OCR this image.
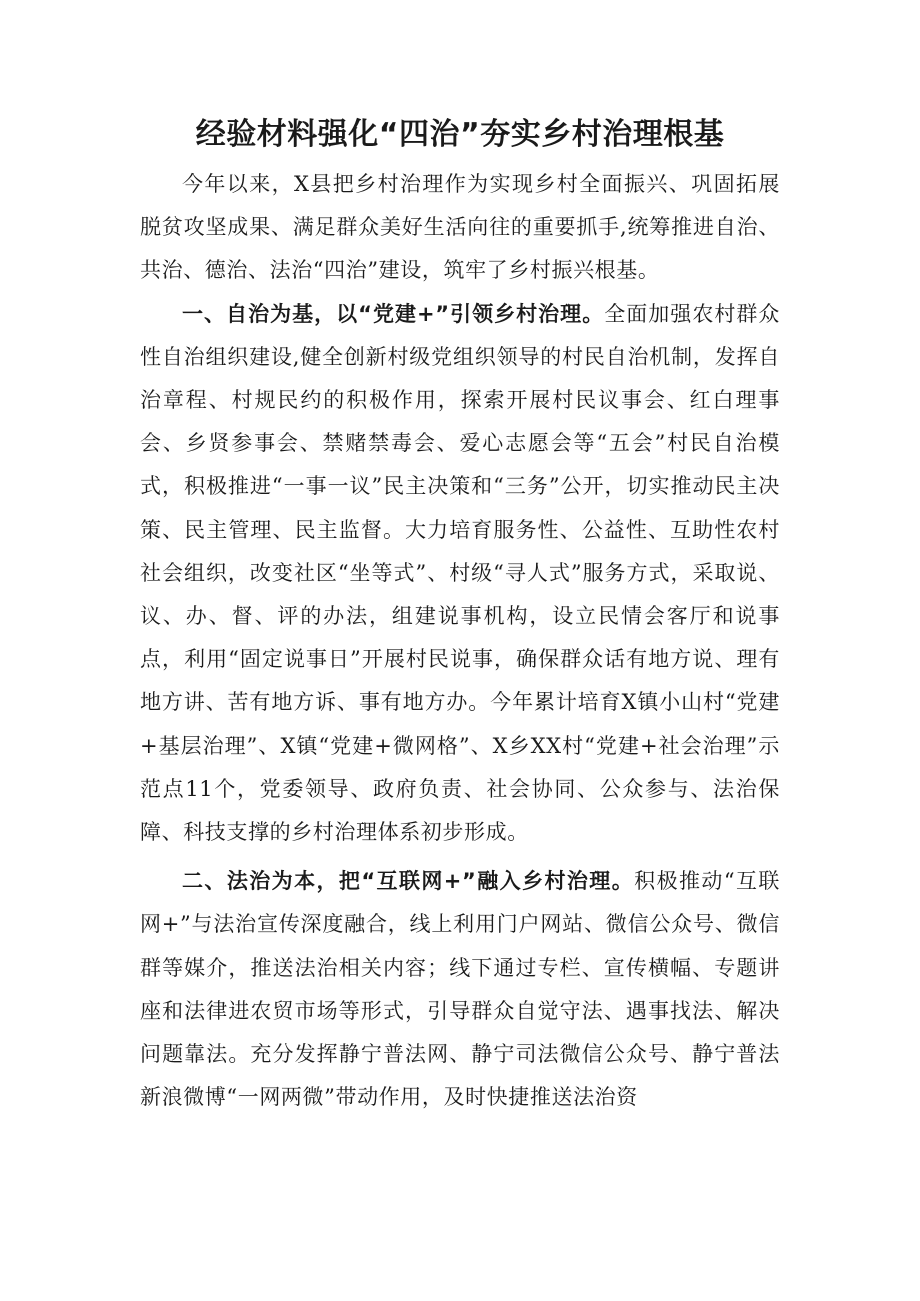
经验材料强化“四治”夯实乡村治理根基

今年以来，X县把乡村治理作为实现乡村全面振兴、巩固拓展脱贫攻坚成果、满足群众美好生活向往的重要抓手,统筹推进自治、共治、德治、法治“四治”建设，筑牢了乡村振兴根基。

一、自治为基，以“党建+”引领乡村治理。全面加强农村群众性自治组织建设,健全创新村级党组织领导的村民自治机制，发挥自治章程、村规民约的积极作用，探索开展村民议事会、红白理事会、乡贤参事会、禁赌禁毒会、爱心志愿会等“五会”村民自治模式，积极推进“一事一议”民主决策和“三务”公开，切实推动民主决策、民主管理、民主监督。大力培育服务性、公益性、互助性农村社会组织，改变社区“坐等式”、村级“寻人式”服务方式，采取说、议、办、督、评的办法，组建说事机构，设立民情会客厅和说事点，利用“固定说事日”开展村民说事，确保群众话有地方说、理有地方讲、苦有地方诉、事有地方办。今年累计培育X镇小山村“党建+基层治理”、X镇“党建+微网格”、X乡XX村“党建+社会治理”示范点11个，党委领导、政府负责、社会协同、公众参与、法治保障、科技支撑的乡村治理体系初步形成。

二、法治为本，把“互联网+”融入乡村治理。积极推动“互联网+”与法治宣传深度融合，线上利用门户网站、微信公众号、微信群等媒介，推送法治相关内容；线下通过专栏、宣传横幅、专题讲座和法律进农贸市场等形式，引导群众自觉守法、遇事找法、解决问题靠法。充分发挥静宁普法网、静宁司法微信公众号、静宁普法新浪微博“一网两微”带动作用，及时快捷推送法治资
